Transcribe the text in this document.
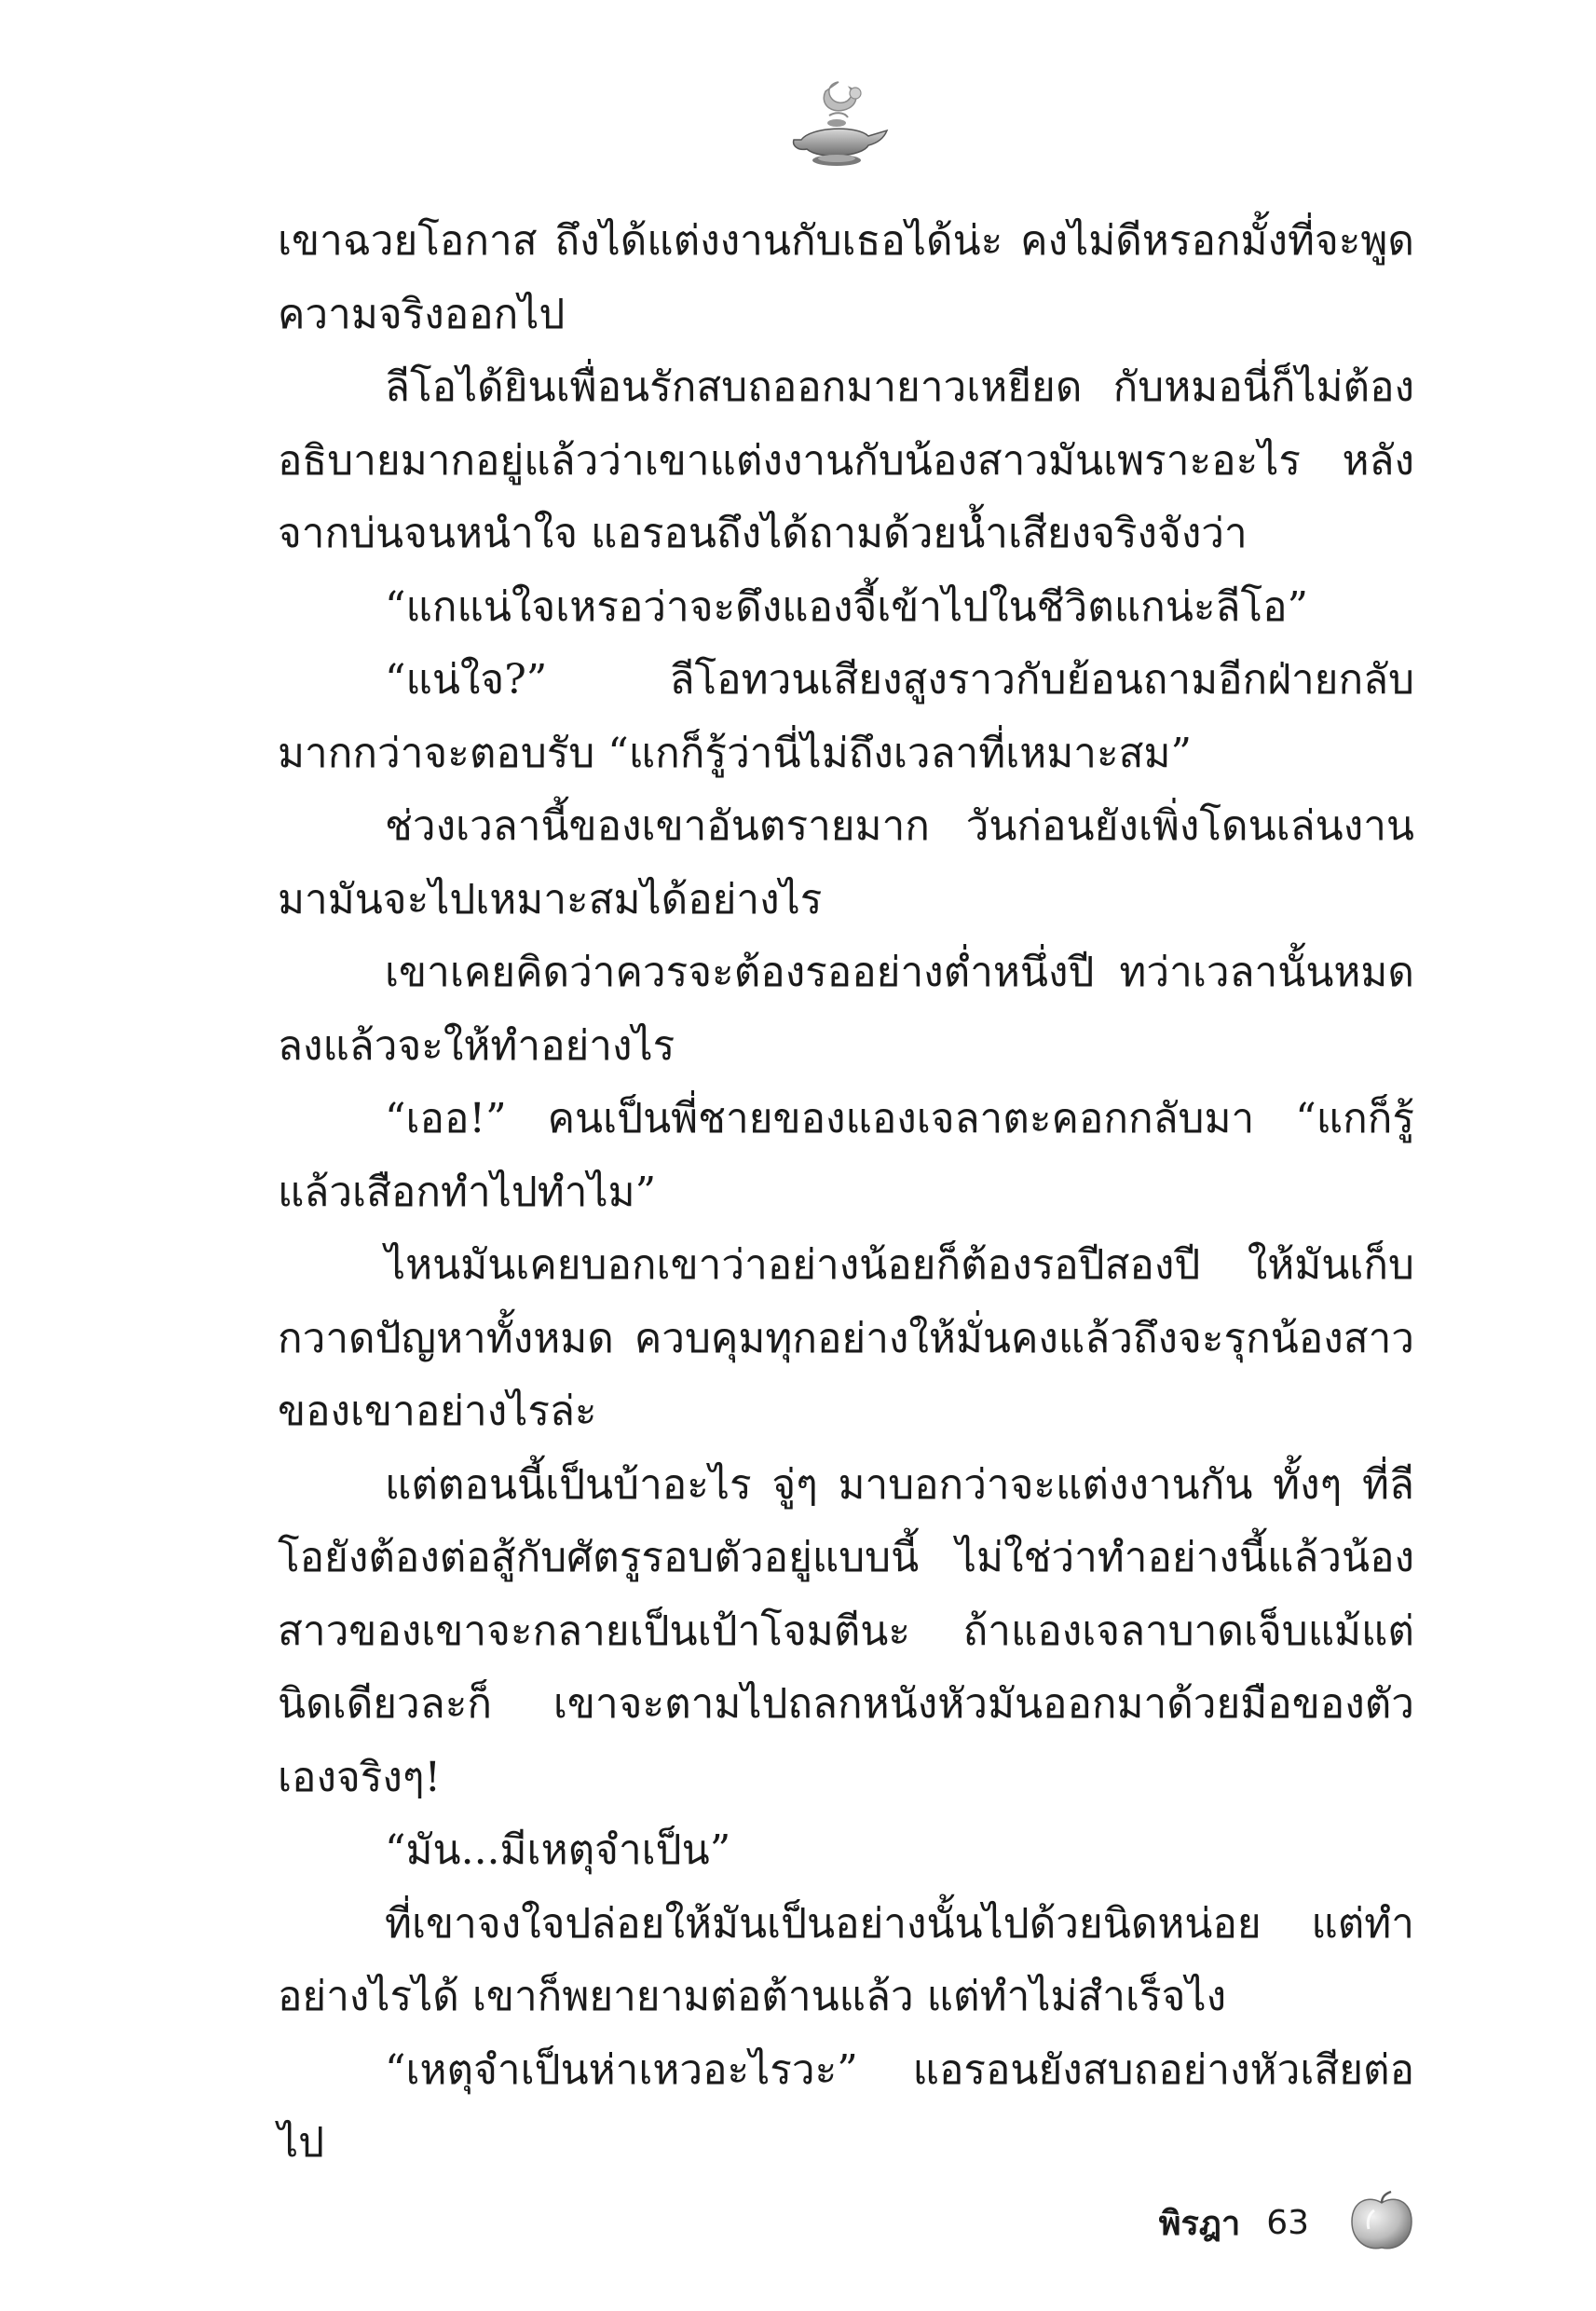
เขาฉวยโอกาส ถึงได้แต่งงานกับเธอได้น่ะ คงไม่ดีหรอกมั้งที่จะพูดความจริงออกไป

ลีโอได้ยินเพื่อนรักสบถออกมายาวเหยียด กับหมอนี่ก็ไม่ต้องอธิบายมากอยู่แล้วว่าเขาแต่งงานกับน้องสาวมันเพราะอะไร หลังจากบ่นจนหนำใจ แอรอนถึงได้ถามด้วยน้ำเสียงจริงจังว่า

“แกแน่ใจเหรอว่าจะดึงแองจี้เข้าไปในชีวิตแกน่ะลีโอ”

“แน่ใจ?” ลีโอทวนเสียงสูงราวกับย้อนถามอีกฝ่ายกลับมากกว่าจะตอบรับ “แกก็รู้ว่านี่ไม่ถึงเวลาที่เหมาะสม”

ช่วงเวลานี้ของเขาอันตรายมาก วันก่อนยังเพิ่งโดนเล่นงานมามันจะไปเหมาะสมได้อย่างไร

เขาเคยคิดว่าควรจะต้องรออย่างต่ำหนึ่งปี ทว่าเวลานั้นหมดลงแล้วจะให้ทำอย่างไร

“เออ!” คนเป็นพี่ชายของแองเจลาตะคอกกลับมา “แกก็รู้แล้วเสือกทำไปทำไม”

ไหนมันเคยบอกเขาว่าอย่างน้อยก็ต้องรอปีสองปี ให้มันเก็บกวาดปัญหาทั้งหมด ควบคุมทุกอย่างให้มั่นคงแล้วถึงจะรุกน้องสาวของเขาอย่างไรล่ะ

แต่ตอนนี้เป็นบ้าอะไร จู่ๆ มาบอกว่าจะแต่งงานกัน ทั้งๆ ที่ลีโอยังต้องต่อสู้กับศัตรูรอบตัวอยู่แบบนี้ ไม่ใช่ว่าทำอย่างนี้แล้วน้องสาวของเขาจะกลายเป็นเป้าโจมตีนะ ถ้าแองเจลาบาดเจ็บแม้แต่นิดเดียวละก็ เขาจะตามไปถลกหนังหัวมันออกมาด้วยมือของตัวเองจริงๆ!

“มัน...มีเหตุจำเป็น”

ที่เขาจงใจปล่อยให้มันเป็นอย่างนั้นไปด้วยนิดหน่อย แต่ทำอย่างไรได้ เขาก็พยายามต่อต้านแล้ว แต่ทำไม่สำเร็จไง

“เหตุจำเป็นห่าเหวอะไรวะ” แอรอนยังสบถอย่างหัวเสียต่อไป

พิรฎา 63
